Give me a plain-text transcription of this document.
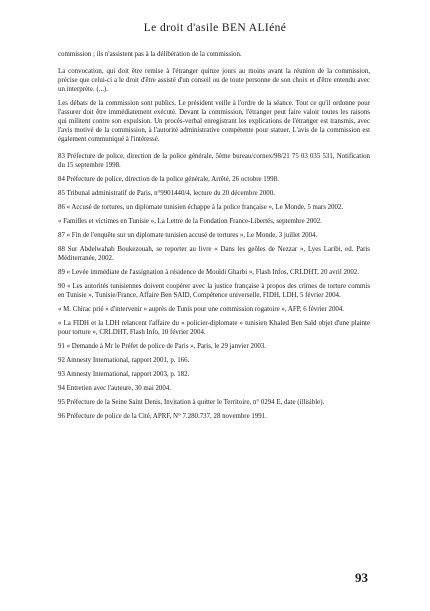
Le droit d'asile BEN ALIéné

commission ; ils n'assistent pas à la délibération de la commission.

La convocation, qui doit être remise à l'étranger quinze jours au moins avant la réunion de la commission, précise que celui-ci a le droit d'être assisté d'un conseil ou de toute personne de son choix et d'être entendu avec un interprète. (...).

Les débats de la commission sont publics. Le président veille à l'ordre de la séance. Tout ce qu'il ordonne pour l'assurer doit être immédiatement exécuté. Devant la commission, l'étranger peut faire valoir toutes les raisons qui militent contre son expulsion. Un procès-verbal enregistrant les explications de l'étranger est transmis, avec l'avis motivé de la commission, à l'autorité administrative compétente pour statuer. L'avis de la commission est également communiqué à l'intéressé.

83 Préfecture de police, direction de la police générale, 5ème bureau/cornex/98/21 75 03 035 531, Notification du 15 septembre 1998.

84 Préfecture de police, direction de la police générale, Arrêté, 26 octobre 1998.

85 Tribunal administratif de Paris, n°9901440/4, lecture du 20 décembre 2000.

86 « Accusé de tortures, un diplomate tunisien échappe à la police française », Le Monde, 5 mars 2002.

« Familles et victimes en Tunisie », La Lettre de la Fondation France-Libertés, septembre 2002.

87 « Fin de l'enquête sur un diplomate tunisien accusé de tortures », Le Monde, 3 juillet 2004.

88 Sur Abdelwahab Boukezouah, se reporter au livre « Dans les geôles de Nezzar », Lyes Laribi, ed. Paris Méditerranée, 2002.

89 « Levée immédiate de l'assignation à résidence de Mouldi Gharbi », Flash Infos, CRLDHT, 20 avril 2002.

90 « Les autorités tunisiennes doivent coopérer avec la justice française à propos des crimes de torture commis en Tunisie », Tunisie/France, Affaire Ben SAID, Compétence universelle, FIDH, LDH, 5 février 2004.

« M. Chirac prié « d'intervenir » auprès de Tunis pour une commission rogatoire », AFP, 6 février 2004.

« La FIDH et la LDH relancent l'affaire du « policier-diplomate » tunisien Khaled Ben Saïd objet d'une plainte pour torture », CRLDHT, Flash Info, 10 février 2004.

91 « Demande à Mr le Préfet de police de Paris », Paris, le 29 janvier 2003.

92 Amnesty International, rapport 2001, p. 166.

93 Amnesty International, rapport 2003, p. 182.

94 Entretien avec l'auteure, 30 mai 2004.

95 Préfecture de la Seine Saint Denis, Invitation à quitter le Territoire, n° 0294 E, date (illisible).

96 Préfecture de police de la Cité, APRF, N° 7.280.737, 28 novembre 1991.

93
